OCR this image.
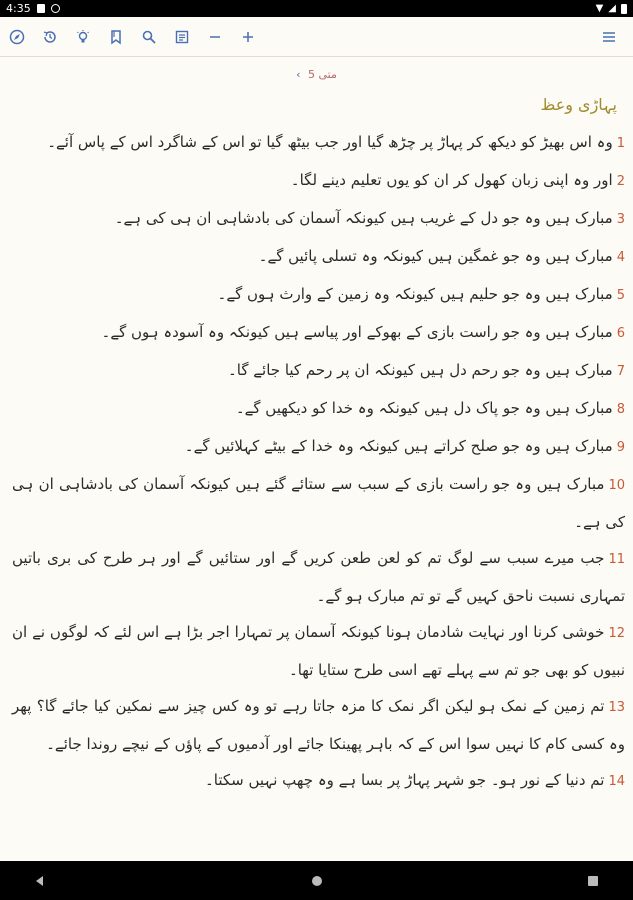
4:35	▼ ◢
متی 5 ›
پہاڑی وعظ

1وہ اس بھیڑ کو دیکھ کر پہاڑ پر چڑھ گیا اور جب بیٹھ گیا تو اس کے شاگرد اس کے پاس آئے۔

2اور وہ اپنی زبان کھول کر ان کو یوں تعلیم دینے لگا۔

3مبارک ہیں وہ جو دل کے غریب ہیں کیونکہ آسمان کی بادشاہی ان ہی کی ہے۔

4مبارک ہیں وہ جو غمگین ہیں کیونکہ وہ تسلی پائیں گے۔

5مبارک ہیں وہ جو حلیم ہیں کیونکہ وہ زمین کے وارث ہوں گے۔

6مبارک ہیں وہ جو راست بازی کے بھوکے اور پیاسے ہیں کیونکہ وہ آسودہ ہوں گے۔

7مبارک ہیں وہ جو رحم دل ہیں کیونکہ ان پر رحم کیا جائے گا۔

8مبارک ہیں وہ جو پاک دل ہیں کیونکہ وہ خدا کو دیکھیں گے۔

9مبارک ہیں وہ جو صلح کراتے ہیں کیونکہ وہ خدا کے بیٹے کہلائیں گے۔

10مبارک ہیں وہ جو راست بازی کے سبب سے ستائے گئے ہیں کیونکہ آسمان کی بادشاہی ان ہی کی ہے۔

11جب میرے سبب سے لوگ تم کو لعن طعن کریں گے اور ستائیں گے اور ہر طرح کی بری باتیں تمہاری نسبت ناحق کہیں گے تو تم مبارک ہو گے۔

12خوشی کرنا اور نہایت شادمان ہونا کیونکہ آسمان پر تمہارا اجر بڑا ہے اس لئے کہ لوگوں نے ان نبیوں کو بھی جو تم سے پہلے تھے اسی طرح ستایا تھا۔

13تم زمین کے نمک ہو لیکن اگر نمک کا مزہ جاتا رہے تو وہ کس چیز سے نمکین کیا جائے گا؟ پھر وہ کسی کام کا نہیں سوا اس کے کہ باہر پھینکا جائے اور آدمیوں کے پاؤں کے نیچے روندا جائے۔

14تم دنیا کے نور ہو۔ جو شہر پہاڑ پر بسا ہے وہ چھپ نہیں سکتا۔
